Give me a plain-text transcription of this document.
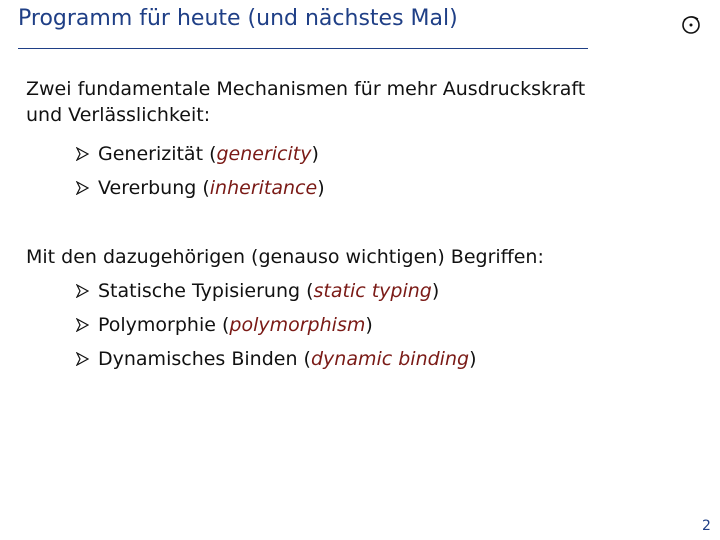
Programm für heute (und nächstes Mal)
Zwei fundamentale Mechanismen für mehr Ausdruckskraft
und Verlässlichkeit:
Generizität ( genericity )
Vererbung ( inheritance )
Mit den dazugehörigen (genauso wichtigen) Begriffen:
Statische Typisierung ( static typing )
Polymorphie ( polymorphism )
Dynamisches Binden ( dynamic binding )
2
